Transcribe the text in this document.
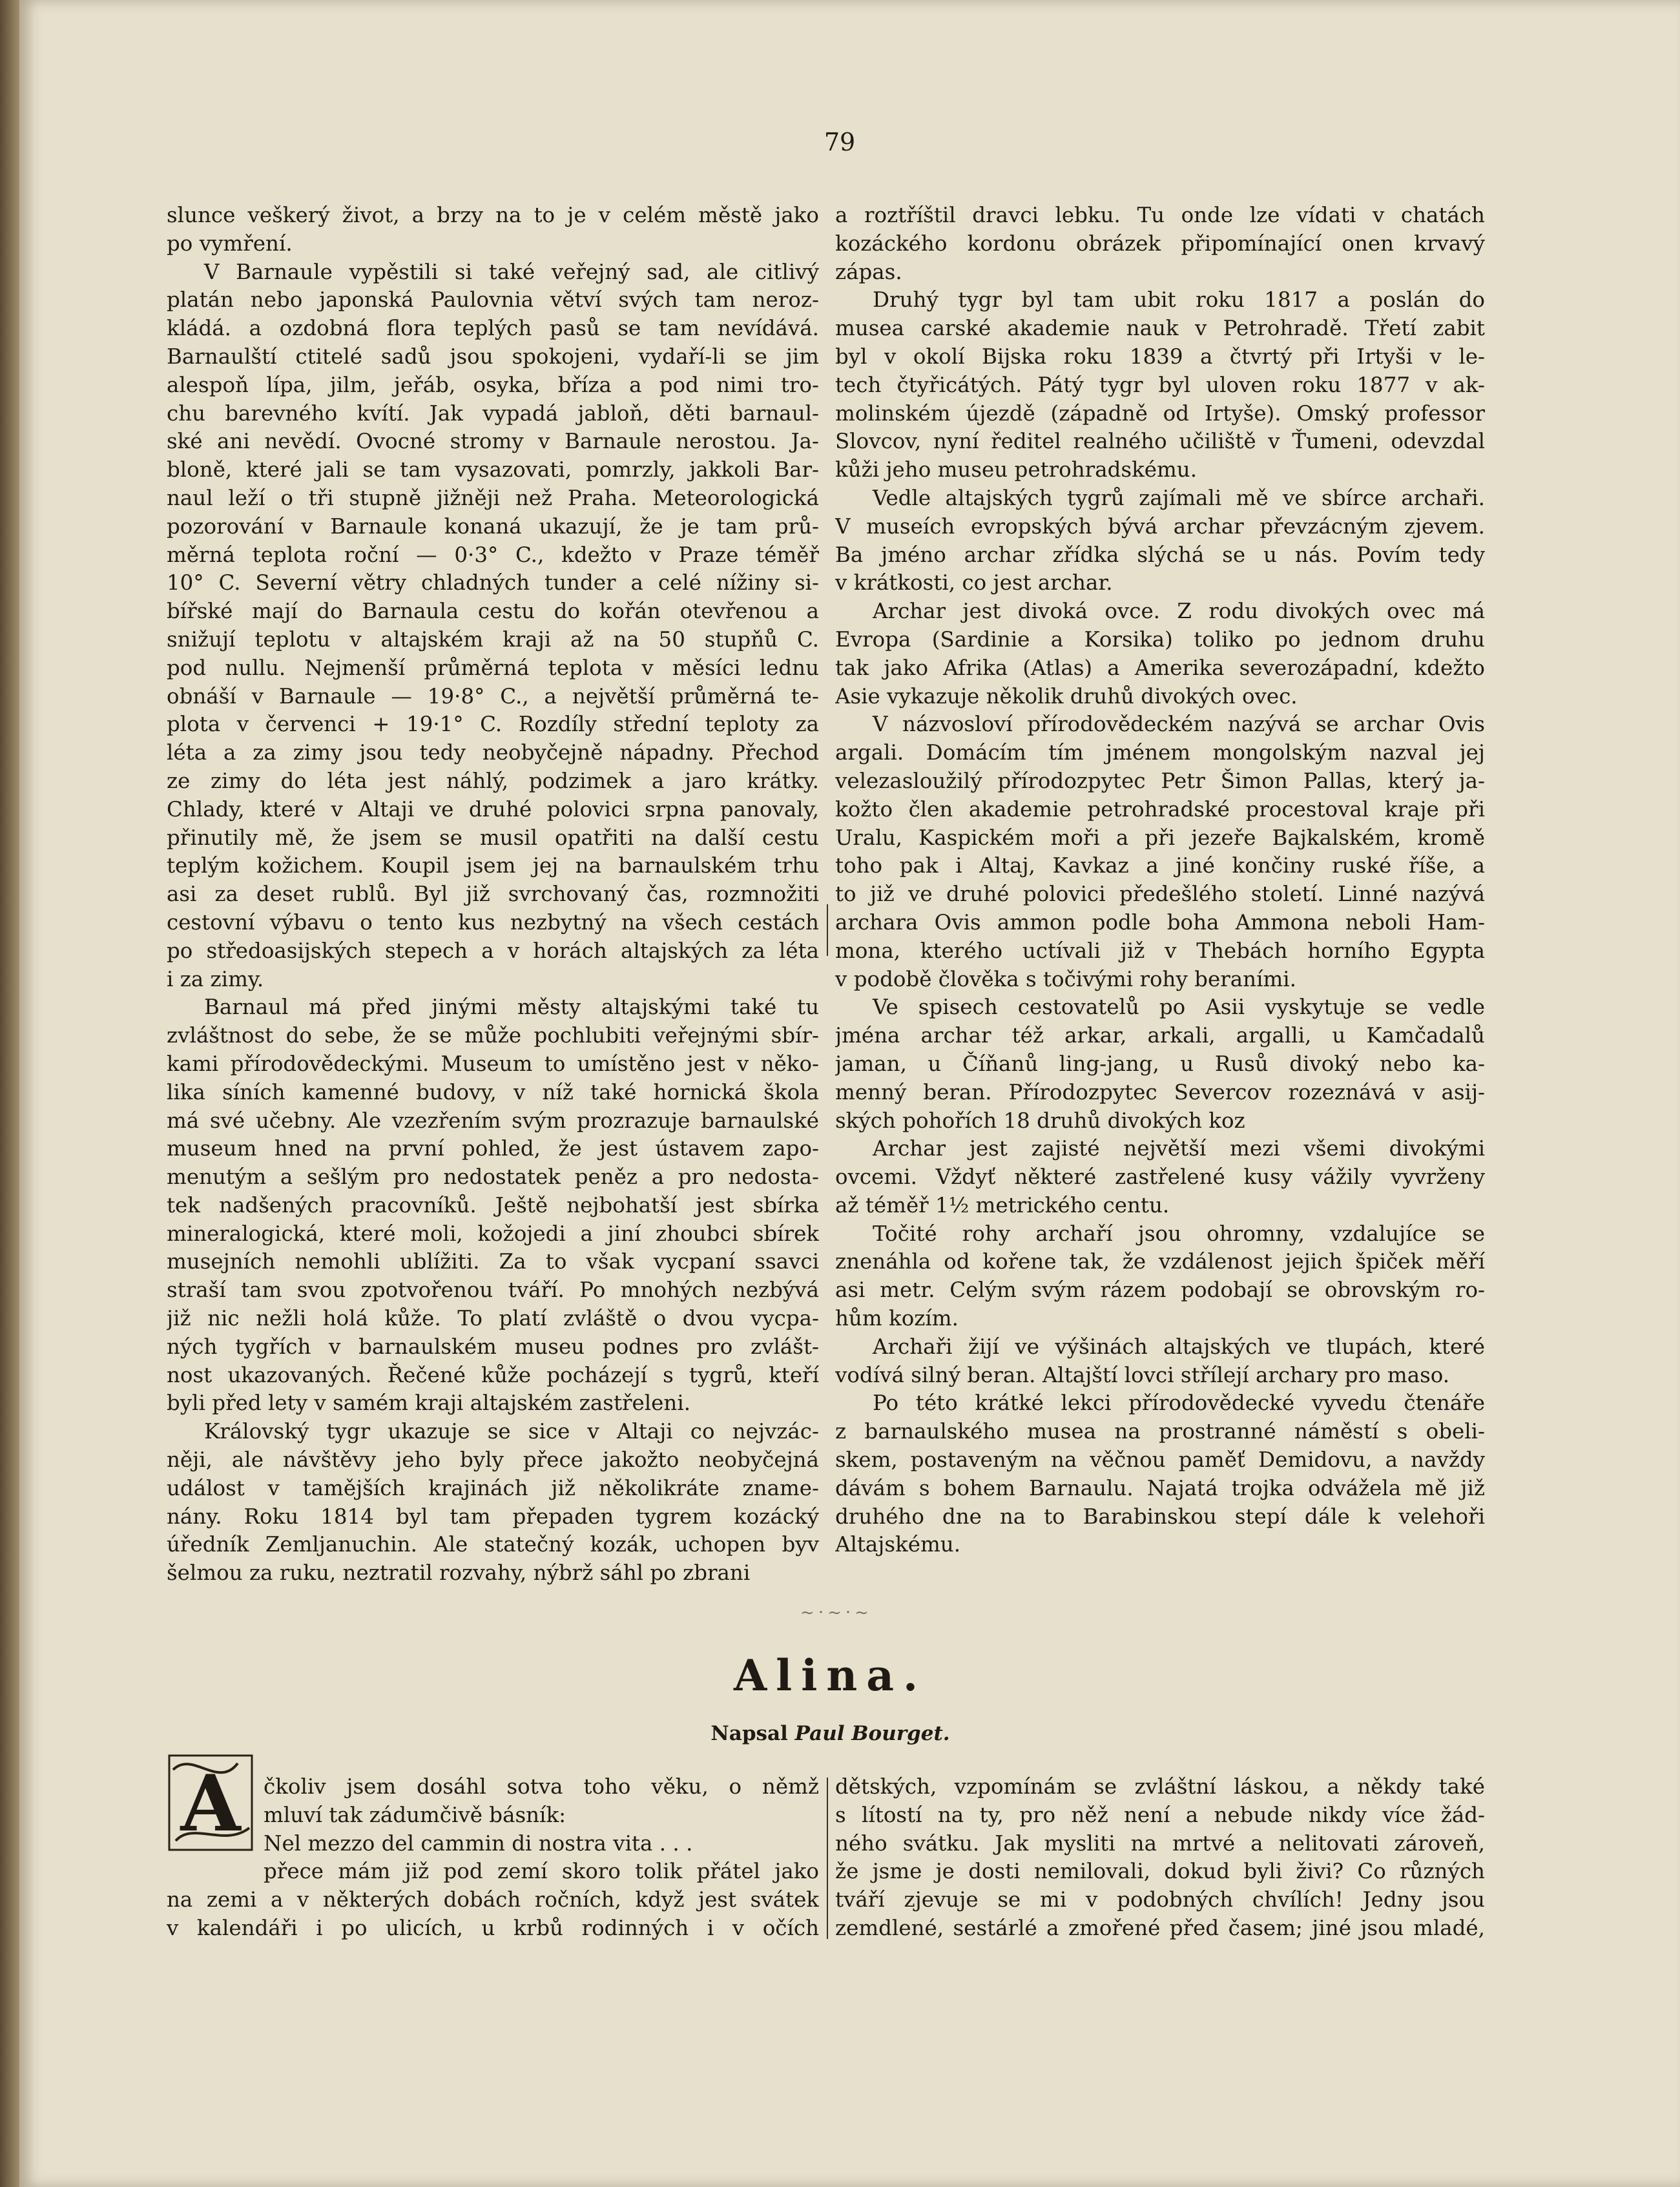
79
slunce veškerý život, a brzy na to je v celém městě jako
po vymření.
V Barnaule vypěstili si také veřejný sad, ale citlivý
platán nebo japonská Paulovnia větví svých tam neroz-
kládá. a ozdobná flora teplých pasů se tam nevídává.
Barnaulští ctitelé sadů jsou spokojeni, vydaří-li se jim
alespoň lípa, jilm, jeřáb, osyka, bříza a pod nimi tro-
chu barevného kvítí. Jak vypadá jabloň, děti barnaul-
ské ani nevědí. Ovocné stromy v Barnaule nerostou. Ja-
bloně, které jali se tam vysazovati, pomrzly, jakkoli Bar-
naul leží o tři stupně jižněji než Praha. Meteorologická
pozorování v Barnaule konaná ukazují, že je tam prů-
měrná teplota roční — 0·3° C., kdežto v Praze téměř
10° C. Severní větry chladných tunder a celé nížiny si-
bířské mají do Barnaula cestu do kořán otevřenou a
snižují teplotu v altajském kraji až na 50 stupňů C.
pod nullu. Nejmenší průměrná teplota v měsíci lednu
obnáší v Barnaule — 19·8° C., a největší průměrná te-
plota v červenci + 19·1° C. Rozdíly střední teploty za
léta a za zimy jsou tedy neobyčejně nápadny. Přechod
ze zimy do léta jest náhlý, podzimek a jaro krátky.
Chlady, které v Altaji ve druhé polovici srpna panovaly,
přinutily mě, že jsem se musil opatřiti na další cestu
teplým kožichem. Koupil jsem jej na barnaulském trhu
asi za deset rublů. Byl již svrchovaný čas, rozmnožiti
cestovní výbavu o tento kus nezbytný na všech cestách
po středoasijských stepech a v horách altajských za léta
i za zimy.
Barnaul má před jinými městy altajskými také tu
zvláštnost do sebe, že se může pochlubiti veřejnými sbír-
kami přírodovědeckými. Museum to umístěno jest v něko-
lika síních kamenné budovy, v níž také hornická škola
má své učebny. Ale vzezřením svým prozrazuje barnaulské
museum hned na první pohled, že jest ústavem zapo-
menutým a sešlým pro nedostatek peněz a pro nedosta-
tek nadšených pracovníků. Ještě nejbohatší jest sbírka
mineralogická, které moli, kožojedi a jiní zhoubci sbírek
musejních nemohli ublížiti. Za to však vycpaní ssavci
straší tam svou zpotvořenou tváří. Po mnohých nezbývá
již nic nežli holá kůže. To platí zvláště o dvou vycpa-
ných tygřích v barnaulském museu podnes pro zvlášt-
nost ukazovaných. Řečené kůže pocházejí s tygrů, kteří
byli před lety v samém kraji altajském zastřeleni.
Královský tygr ukazuje se sice v Altaji co nejvzác-
něji, ale návštěvy jeho byly přece jakožto neobyčejná
událost v tamějších krajinách již několikráte zname-
nány. Roku 1814 byl tam přepaden tygrem kozácký
úředník Zemljanuchin. Ale statečný kozák, uchopen byv
šelmou za ruku, neztratil rozvahy, nýbrž sáhl po zbrani
a roztříštil dravci lebku. Tu onde lze vídati v chatách
kozáckého kordonu obrázek připomínající onen krvavý
zápas.
Druhý tygr byl tam ubit roku 1817 a poslán do
musea carské akademie nauk v Petrohradě. Třetí zabit
byl v okolí Bijska roku 1839 a čtvrtý při Irtyši v le-
tech čtyřicátých. Pátý tygr byl uloven roku 1877 v ak-
molinském újezdě (západně od Irtyše). Omský professor
Slovcov, nyní ředitel realného učiliště v Ťumeni, odevzdal
kůži jeho museu petrohradskému.
Vedle altajských tygrů zajímali mě ve sbírce archaři.
V museích evropských bývá archar převzácným zjevem.
Ba jméno archar zřídka slýchá se u nás. Povím tedy
v krátkosti, co jest archar.
Archar jest divoká ovce. Z rodu divokých ovec má
Evropa (Sardinie a Korsika) toliko po jednom druhu
tak jako Afrika (Atlas) a Amerika severozápadní, kdežto
Asie vykazuje několik druhů divokých ovec.
V názvosloví přírodovědeckém nazývá se archar Ovis
argali. Domácím tím jménem mongolským nazval jej
velezasloužilý přírodozpytec Petr Šimon Pallas, který ja-
kožto člen akademie petrohradské procestoval kraje při
Uralu, Kaspickém moři a při jezeře Bajkalském, kromě
toho pak i Altaj, Kavkaz a jiné končiny ruské říše, a
to již ve druhé polovici předešlého století. Linné nazývá
archara Ovis ammon podle boha Ammona neboli Ham-
mona, kterého uctívali již v Thebách horního Egypta
v podobě člověka s točivými rohy beraními.
Ve spisech cestovatelů po Asii vyskytuje se vedle
jména archar též arkar, arkali, argalli, u Kamčadalů
jaman, u Číňanů ling-jang, u Rusů divoký nebo ka-
menný beran. Přírodozpytec Severcov rozeznává v asij-
ských pohořích 18 druhů divokých koz
Archar jest zajisté největší mezi všemi divokými
ovcemi. Vždyť některé zastřelené kusy vážily vyvrženy
až téměř 1½ metrického centu.
Točité rohy archaří jsou ohromny, vzdalujíce se
znenáhla od kořene tak, že vzdálenost jejich špiček měří
asi metr. Celým svým rázem podobají se obrovským ro-
hům kozím.
Archaři žijí ve výšinách altajských ve tlupách, které
vodívá silný beran. Altajští lovci střílejí archary pro maso.
Po této krátké lekci přírodovědecké vyvedu čtenáře
z barnaulského musea na prostranné náměstí s obeli-
skem, postaveným na věčnou paměť Demidovu, a navždy
dávám s bohem Barnaulu. Najatá trojka odvážela mě již
druhého dne na to Barabinskou stepí dále k velehoři
Altajskému.
~·~·~
Alina.
Napsal Paul Bourget.
A	čkoliv jsem dosáhl sotva toho věku, o němž
mluví tak zádumčivě básník:
Nel mezzo del cammin di nostra vita . . .
přece mám již pod zemí skoro tolik přátel jako
na zemi a v některých dobách ročních, když jest svátek
v kalendáři i po ulicích, u krbů rodinných i v očích
dětských, vzpomínám se zvláštní láskou, a někdy také
s lítostí na ty, pro něž není a nebude nikdy více žád-
ného svátku. Jak mysliti na mrtvé a nelitovati zároveň,
že jsme je dosti nemilovali, dokud byli živi? Co různých
tváří zjevuje se mi v podobných chvílích! Jedny jsou
zemdlené, sestárlé a zmořené před časem; jiné jsou mladé,
